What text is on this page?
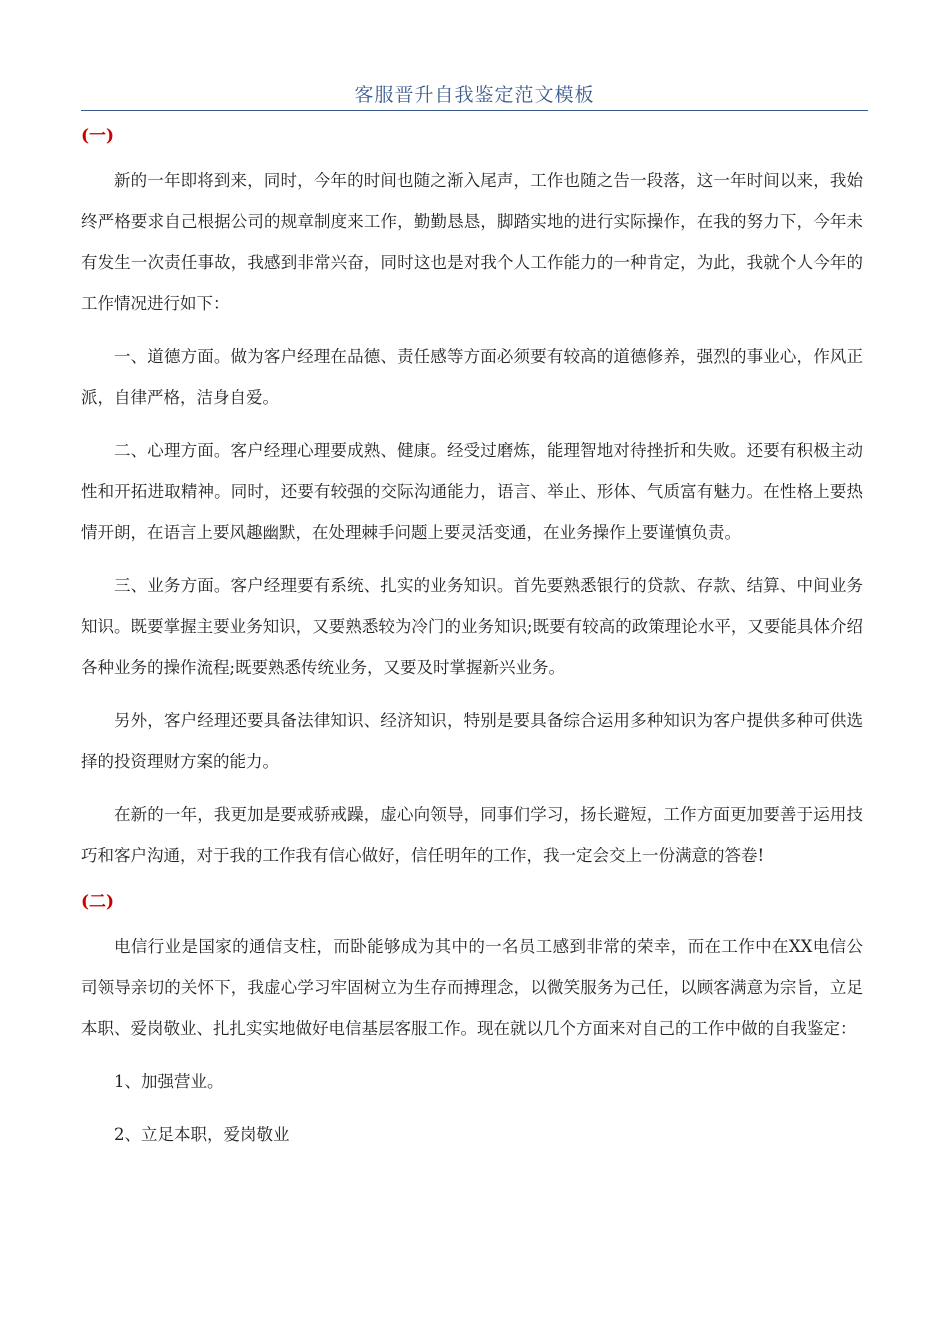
客服晋升自我鉴定范文模板

(一)

新的一年即将到来，同时，今年的时间也随之渐入尾声，工作也随之告一段落，这一年时间以来，我始终严格要求自己根据公司的规章制度来工作，勤勤恳恳，脚踏实地的进行实际操作，在我的努力下，今年未有发生一次责任事故，我感到非常兴奋，同时这也是对我个人工作能力的一种肯定，为此，我就个人今年的工作情况进行如下：

一、道德方面。做为客户经理在品德、责任感等方面必须要有较高的道德修养，强烈的事业心，作风正派，自律严格，洁身自爱。

二、心理方面。客户经理心理要成熟、健康。经受过磨炼，能理智地对待挫折和失败。还要有积极主动性和开拓进取精神。同时，还要有较强的交际沟通能力，语言、举止、形体、气质富有魅力。在性格上要热情开朗，在语言上要风趣幽默，在处理棘手问题上要灵活变通，在业务操作上要谨慎负责。

三、业务方面。客户经理要有系统、扎实的业务知识。首先要熟悉银行的贷款、存款、结算、中间业务知识。既要掌握主要业务知识，又要熟悉较为冷门的业务知识;既要有较高的政策理论水平，又要能具体介绍各种业务的操作流程;既要熟悉传统业务，又要及时掌握新兴业务。

另外，客户经理还要具备法律知识、经济知识，特别是要具备综合运用多种知识为客户提供多种可供选择的投资理财方案的能力。

在新的一年，我更加是要戒骄戒躁，虚心向领导，同事们学习，扬长避短，工作方面更加要善于运用技巧和客户沟通，对于我的工作我有信心做好，信任明年的工作，我一定会交上一份满意的答卷!

(二)

电信行业是国家的通信支柱，而卧能够成为其中的一名员工感到非常的荣幸，而在工作中在XX电信公司领导亲切的关怀下，我虚心学习牢固树立为生存而搏理念，以微笑服务为己任，以顾客满意为宗旨，立足本职、爱岗敬业、扎扎实实地做好电信基层客服工作。现在就以几个方面来对自己的工作中做的自我鉴定：

1、加强营业。

2、立足本职，爱岗敬业
